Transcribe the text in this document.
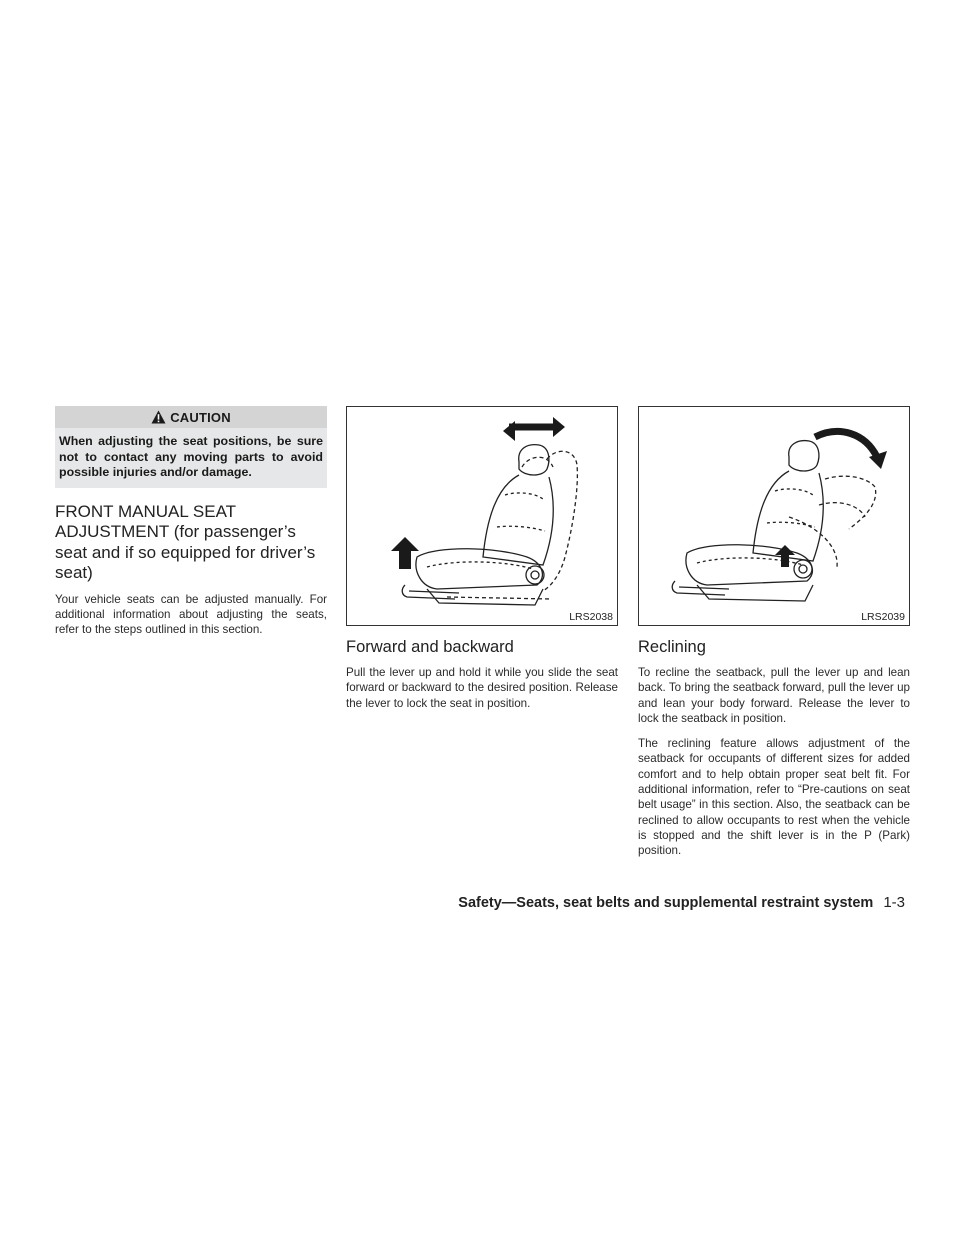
CAUTION
When adjusting the seat positions, be sure not to contact any moving parts to avoid possible injuries and/or damage.
FRONT MANUAL SEAT ADJUSTMENT (for passenger’s seat and if so equipped for driver’s seat)

Your vehicle seats can be adjusted manually. For additional information about adjusting the seats, refer to the steps outlined in this section.

LRS2038
Forward and backward

Pull the lever up and hold it while you slide the seat forward or backward to the desired position. Release the lever to lock the seat in position.

LRS2039
Reclining

To recline the seatback, pull the lever up and lean back. To bring the seatback forward, pull the lever up and lean your body forward. Release the lever to lock the seatback in position.

The reclining feature allows adjustment of the seatback for occupants of different sizes for added comfort and to help obtain proper seat belt fit. For additional information, refer to “Pre-cautions on seat belt usage” in this section. Also, the seatback can be reclined to allow occupants to rest when the vehicle is stopped and the shift lever is in the P (Park) position.

Safety—Seats, seat belts and supplemental restraint system 1-3
